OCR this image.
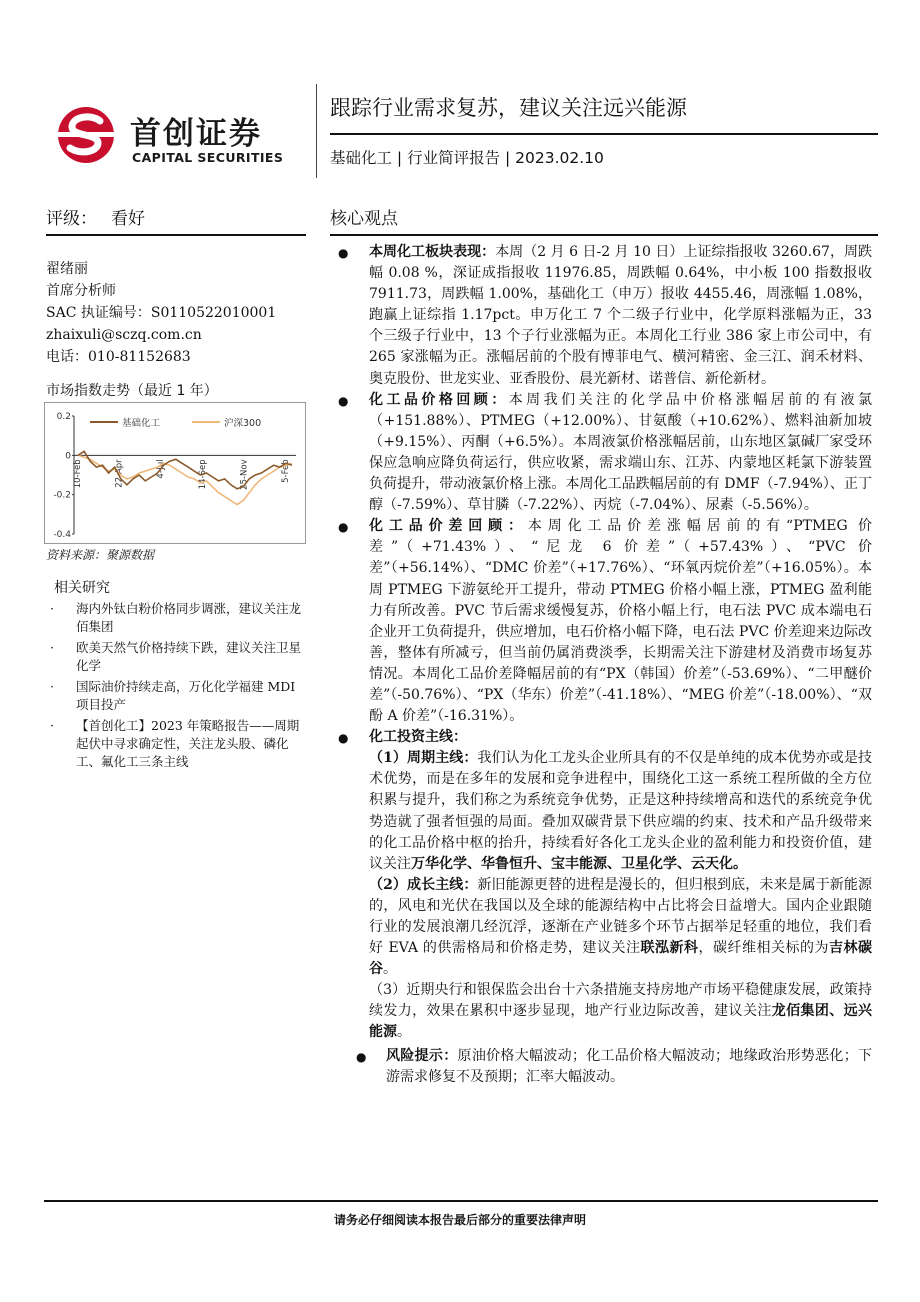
首创证券
CAPITAL SECURITIES
跟踪行业需求复苏，建议关注远兴能源
基础化工 | 行业简评报告 | 2023.02.10
评级： 看好
翟绪丽
首席分析师
SAC 执证编号：S0110522010001
zhaixuli@sczq.com.cn
电话：010-81152683
市场指数走势（最近 1 年）
0.2
0
-0.2
-0.4
10-Feb	22-Apr	4-Jul	14-Sep	25-Nov	5-Feb
基础化工	沪深300
资料来源：聚源数据
相关研究
· 海内外钛白粉价格同步调涨，建议关注龙佰集团
· 欧美天然气价格持续下跌，建议关注卫星化学
· 国际油价持续走高，万化化学福建 MDI 项目投产
· 【首创化工】2023 年策略报告——周期起伏中寻求确定性，关注龙头股、磷化工、氟化工三条主线
核心观点
● 本周化工板块表现：本周（2 月 6 日-2 月 10 日）上证综指报收 3260.67，周跌幅 0.08 %，深证成指报收 11976.85，周跌幅 0.64%，中小板 100 指数报收 7911.73，周跌幅 1.00%，基础化工（申万）报收 4455.46，周涨幅 1.08%，跑赢上证综指 1.17pct。申万化工 7 个二级子行业中，化学原料涨幅为正，33 个三级子行业中，13 个子行业涨幅为正。本周化工行业 386 家上市公司中，有 265 家涨幅为正。涨幅居前的个股有博菲电气、横河精密、金三江、润禾材料、奥克股份、世龙实业、亚香股份、晨光新材、诺普信、新伦新材。
● 化工品价格回顾：本周我们关注的化学品中价格涨幅居前的有液氯（+151.88%）、PTMEG（+12.00%）、甘氨酸（+10.62%）、燃料油新加坡（+9.15%）、丙酮（+6.5%）。本周液氯价格涨幅居前，山东地区氯碱厂家受环保应急响应降负荷运行，供应收紧，需求端山东、江苏、内蒙地区耗氯下游装置负荷提升，带动液氯价格上涨。本周化工品跌幅居前的有 DMF（-7.94%）、正丁醇（-7.59%）、草甘膦（-7.22%）、丙烷（-7.04%）、尿素（-5.56%）。
● 化工品价差回顾：本周化工品价差涨幅居前的有“PTMEG 价差”（+71.43%）、“尼龙 6 价差”（+57.43%）、“PVC 价差”（+56.14%）、“DMC 价差”（+17.76%）、“环氧丙烷价差”（+16.05%）。本周 PTMEG 下游氨纶开工提升，带动 PTMEG 价格小幅上涨，PTMEG 盈利能力有所改善。PVC 节后需求缓慢复苏，价格小幅上行，电石法 PVC 成本端电石企业开工负荷提升，供应增加，电石价格小幅下降，电石法 PVC 价差迎来边际改善，整体有所减亏，但当前仍属消费淡季，长期需关注下游建材及消费市场复苏情况。本周化工品价差降幅居前的有“PX（韩国）价差”（-53.69%）、“二甲醚价差”（-50.76%）、“PX（华东）价差”（-41.18%）、“MEG 价差”（-18.00%）、“双酚 A 价差”（-16.31%）。
● 化工投资主线：
（1）周期主线：我们认为化工龙头企业所具有的不仅是单纯的成本优势亦或是技术优势，而是在多年的发展和竞争进程中，围绕化工这一系统工程所做的全方位积累与提升，我们称之为系统竞争优势，正是这种持续增高和迭代的系统竞争优势造就了强者恒强的局面。叠加双碳背景下供应端的约束、技术和产品升级带来的化工品价格中枢的抬升，持续看好各化工龙头企业的盈利能力和投资价值，建议关注万华化学、华鲁恒升、宝丰能源、卫星化学、云天化。
（2）成长主线：新旧能源更替的进程是漫长的，但归根到底，未来是属于新能源的，风电和光伏在我国以及全球的能源结构中占比将会日益增大。国内企业跟随行业的发展浪潮几经沉浮，逐渐在产业链多个环节占据举足轻重的地位，我们看好 EVA 的供需格局和价格走势，建议关注联泓新科，碳纤维相关标的为吉林碳谷。
（3）近期央行和银保监会出台十六条措施支持房地产市场平稳健康发展，政策持续发力，效果在累积中逐步显现，地产行业边际改善，建议关注龙佰集团、远兴能源。
● 风险提示：原油价格大幅波动；化工品价格大幅波动；地缘政治形势恶化；下游需求修复不及预期；汇率大幅波动。
请务必仔细阅读本报告最后部分的重要法律声明
